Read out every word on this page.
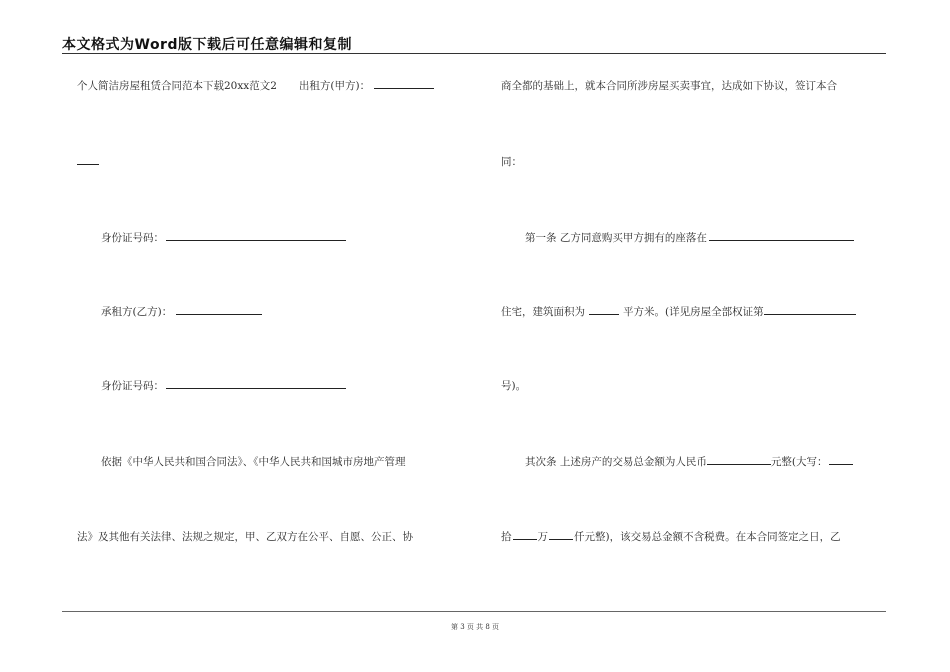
本文格式为Word版下载后可任意编辑和复制
个人简洁房屋租赁合同范本下载20xx范文2 出租方(甲方)：
身份证号码：
承租方(乙方)：
身份证号码：
依据《中华人民共和国合同法》、《中华人民共和国城市房地产管理
法》及其他有关法律、法规之规定，甲、乙双方在公平、自愿、公正、协
商全都的基础上，就本合同所涉房屋买卖事宜，达成如下协议，签订本合
同：
第一条 乙方同意购买甲方拥有的座落在
住宅，建筑面积为	平方米。(详见房屋全部权证第
号)。
其次条 上述房产的交易总金额为人民币	元整(大写：
拾 万 仟元整)，该交易总金额不含税费。在本合同签定之日，乙
第 3 页 共 8 页
